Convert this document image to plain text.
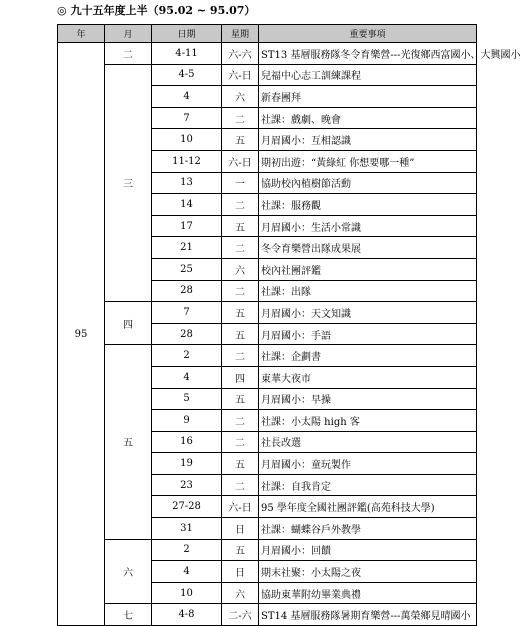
◎ 九十五年度上半（95.02 ~ 95.07）
年	月	日期	星期	重要事項
95	二	4-11	六-六	ST13 基層服務隊冬令育樂營---光復鄉西富國小、大興國小
	三	4-5	六-日	兒福中心志工訓練課程
		4	六	新春團拜
		7	二	社課：戲劇、晚會
		10	五	月眉國小：互相認識
		11-12	六-日	期初出遊：“黃綠紅 你想要哪一種”
		13	一	協助校內植樹節活動
		14	二	社課：服務觀
		17	五	月眉國小：生活小常識
		21	二	冬令育樂營出隊成果展
		25	六	校內社團評鑑
		28	二	社課：出隊
	四	7	五	月眉國小：天文知識
		28	五	月眉國小：手語
	五	2	二	社課：企劃書
		4	四	東華大夜市
		5	五	月眉國小：早操
		9	二	社課：小太陽 high 客
		16	二	社長改選
		19	五	月眉國小：童玩製作
		23	二	社課：自我肯定
		27-28	六-日	95 學年度全國社團評鑑(高苑科技大學)
		31	日	社課：蝴蝶谷戶外教學
	六	2	五	月眉國小：回饋
		4	日	期末社聚：小太陽之夜
		10	六	協助東華附幼畢業典禮
	七	4-8	二-六	ST14 基層服務隊暑期育樂營---萬榮鄉見晴國小
